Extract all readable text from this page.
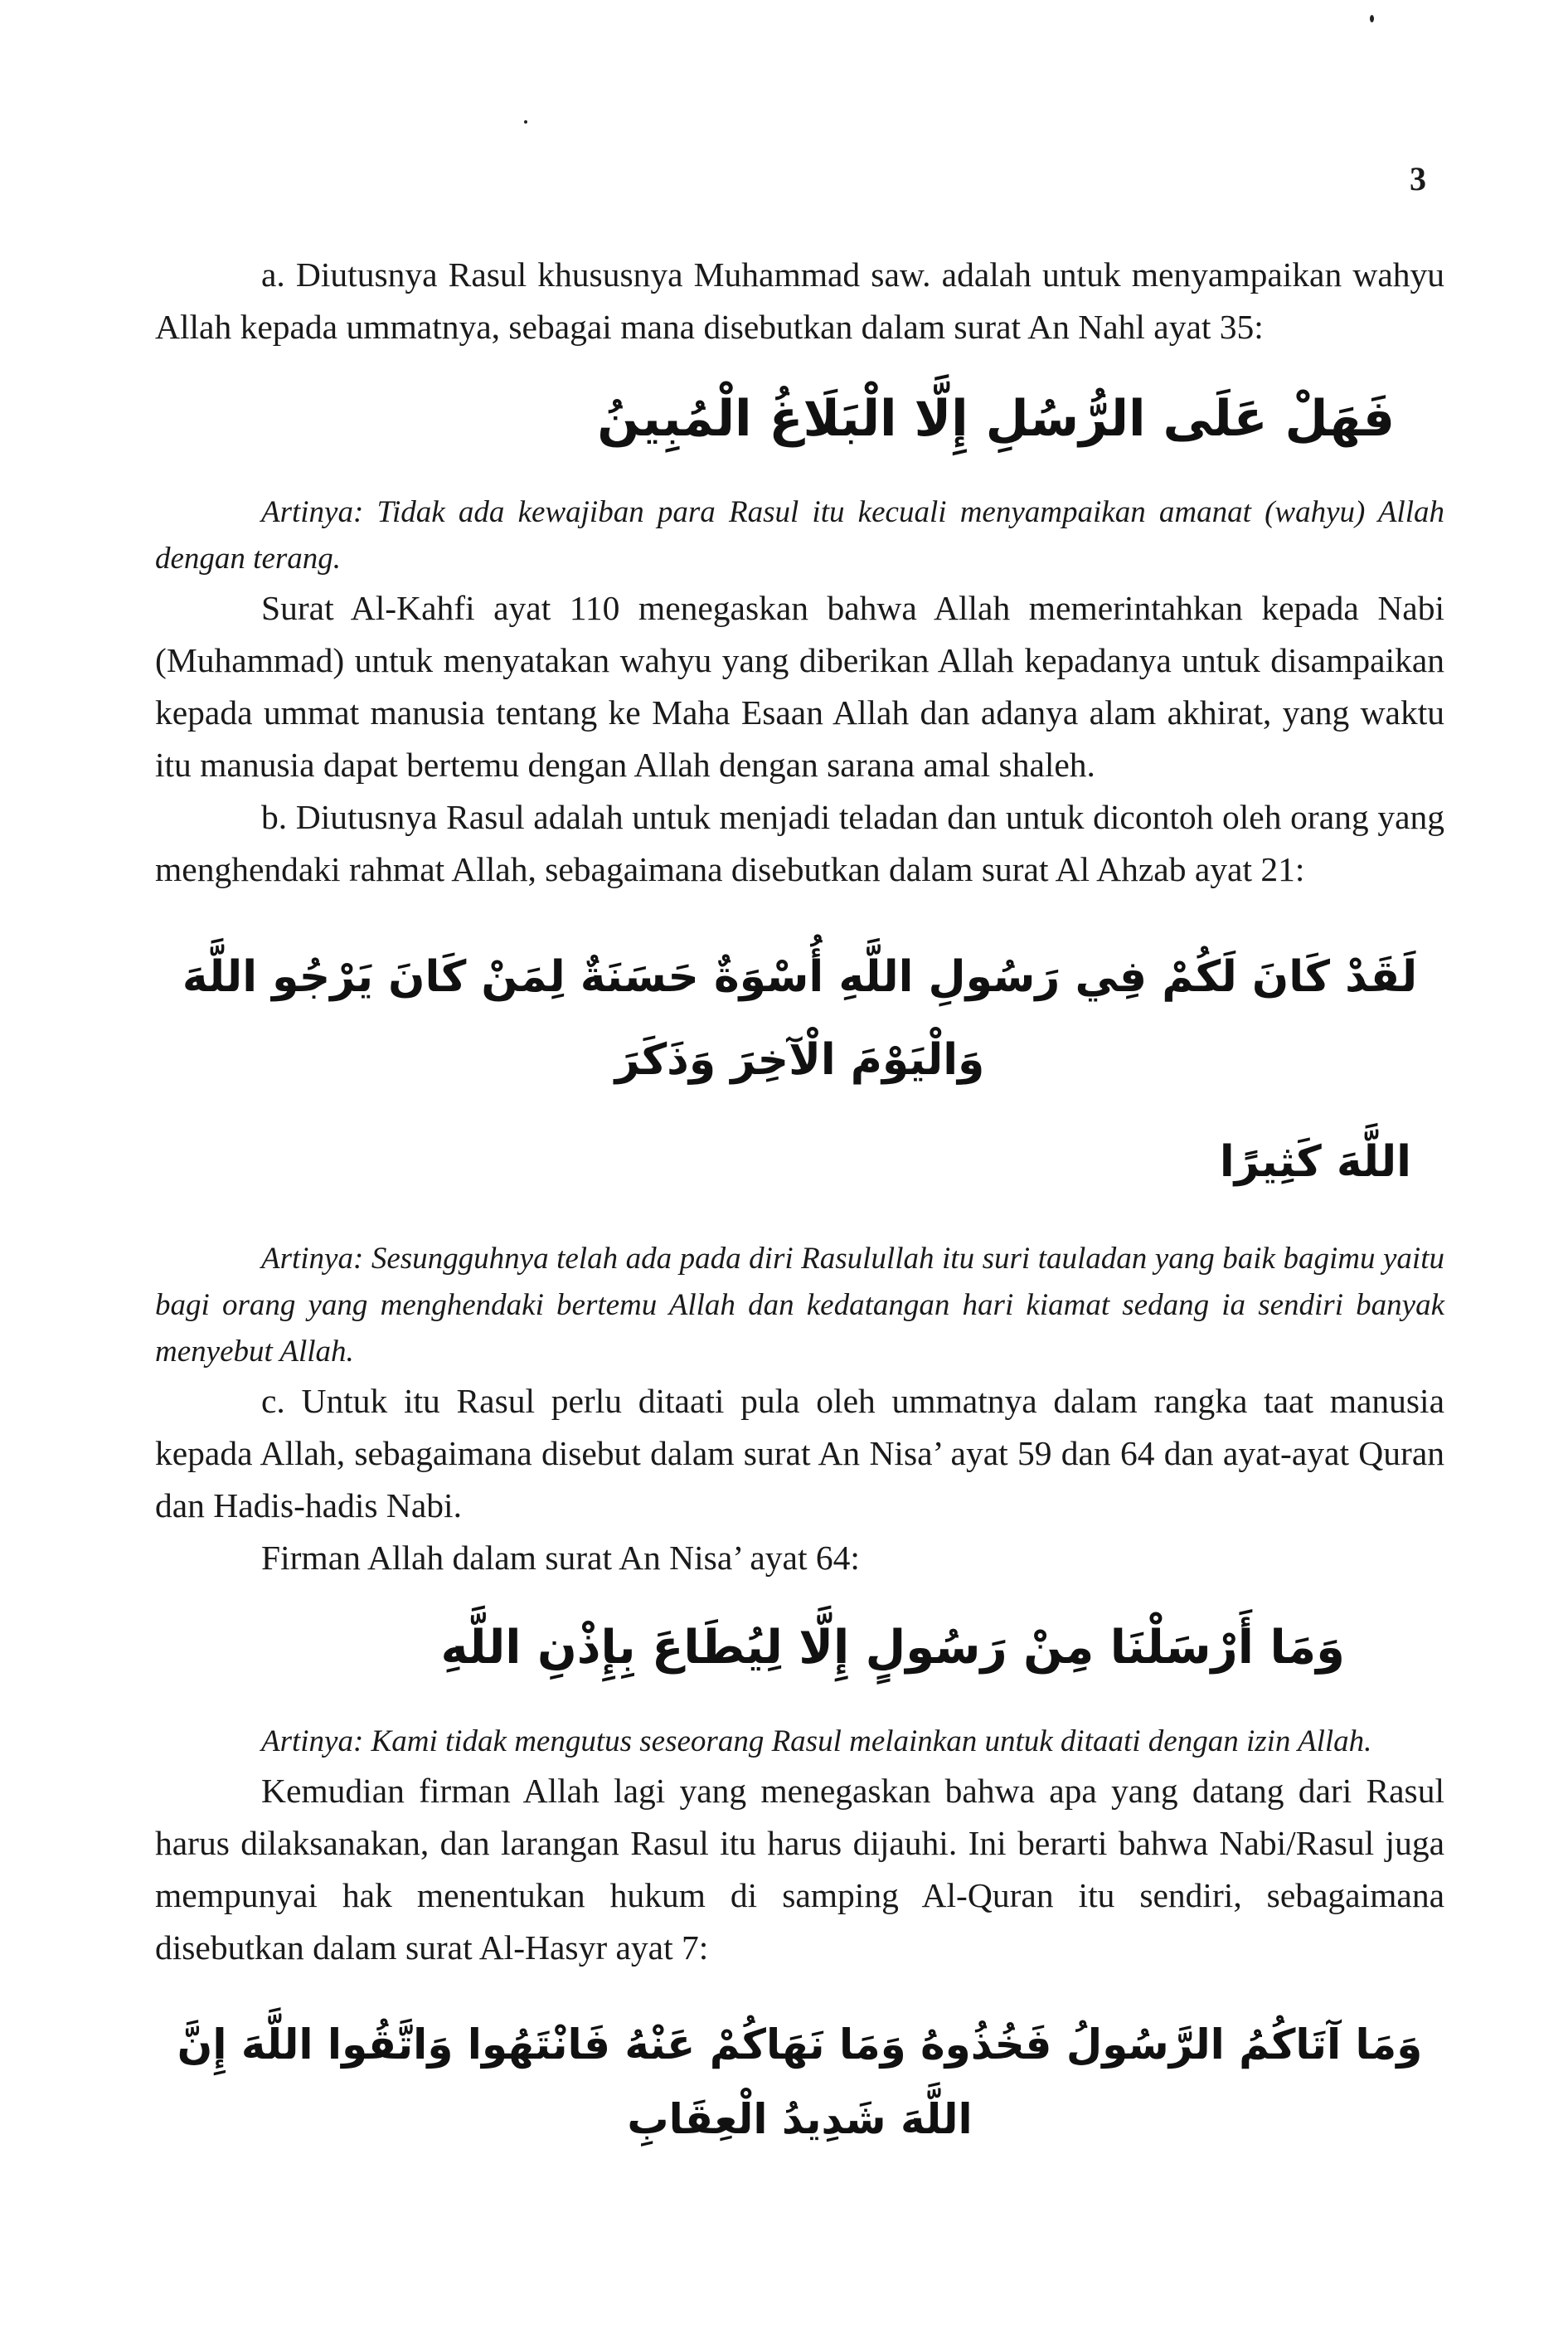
3

a. Diutusnya Rasul khususnya Muhammad saw. adalah untuk menyampaikan wahyu Allah kepada ummatnya, sebagai mana disebutkan dalam surat An Nahl ayat 35:

فَهَلْ عَلَى الرُّسُلِ إِلَّا الْبَلَاغُ الْمُبِينُ

Artinya: Tidak ada kewajiban para Rasul itu kecuali menyampaikan amanat (wahyu) Allah dengan terang.

Surat Al-Kahfi ayat 110 menegaskan bahwa Allah memerintahkan kepada Nabi (Muhammad) untuk menyatakan wahyu yang diberikan Allah kepadanya untuk disampaikan kepada ummat manusia tentang ke Maha Esaan Allah dan adanya alam akhirat, yang waktu itu manusia dapat bertemu dengan Allah dengan sarana amal shaleh.

b. Diutusnya Rasul adalah untuk menjadi teladan dan untuk dicontoh oleh orang yang menghendaki rahmat Allah, sebagaimana disebutkan dalam surat Al Ahzab ayat 21:

لَقَدْ كَانَ لَكُمْ فِي رَسُولِ اللَّهِ أُسْوَةٌ حَسَنَةٌ لِمَنْ كَانَ يَرْجُو اللَّهَ وَالْيَوْمَ الْآخِرَ وَذَكَرَ
اللَّهَ كَثِيرًا

Artinya: Sesungguhnya telah ada pada diri Rasulullah itu suri tauladan yang baik bagimu yaitu bagi orang yang menghendaki bertemu Allah dan kedatangan hari kiamat sedang ia sendiri banyak menyebut Allah.

c. Untuk itu Rasul perlu ditaati pula oleh ummatnya dalam rangka taat manusia kepada Allah, sebagaimana disebut dalam surat An Nisa’ ayat 59 dan 64 dan ayat-ayat Quran dan Hadis-hadis Nabi.

Firman Allah dalam surat An Nisa’ ayat 64:

وَمَا أَرْسَلْنَا مِنْ رَسُولٍ إِلَّا لِيُطَاعَ بِإِذْنِ اللَّهِ

Artinya: Kami tidak mengutus seseorang Rasul melainkan untuk ditaati dengan izin Allah.

Kemudian firman Allah lagi yang menegaskan bahwa apa yang datang dari Rasul harus dilaksanakan, dan larangan Rasul itu harus dijauhi. Ini berarti bahwa Nabi/Rasul juga mempunyai hak menentukan hukum di samping Al-Quran itu sendiri, sebagaimana disebutkan dalam surat Al-Hasyr ayat 7:

وَمَا آتَاكُمُ الرَّسُولُ فَخُذُوهُ وَمَا نَهَاكُمْ عَنْهُ فَانْتَهُوا وَاتَّقُوا اللَّهَ إِنَّ اللَّهَ شَدِيدُ الْعِقَابِ
